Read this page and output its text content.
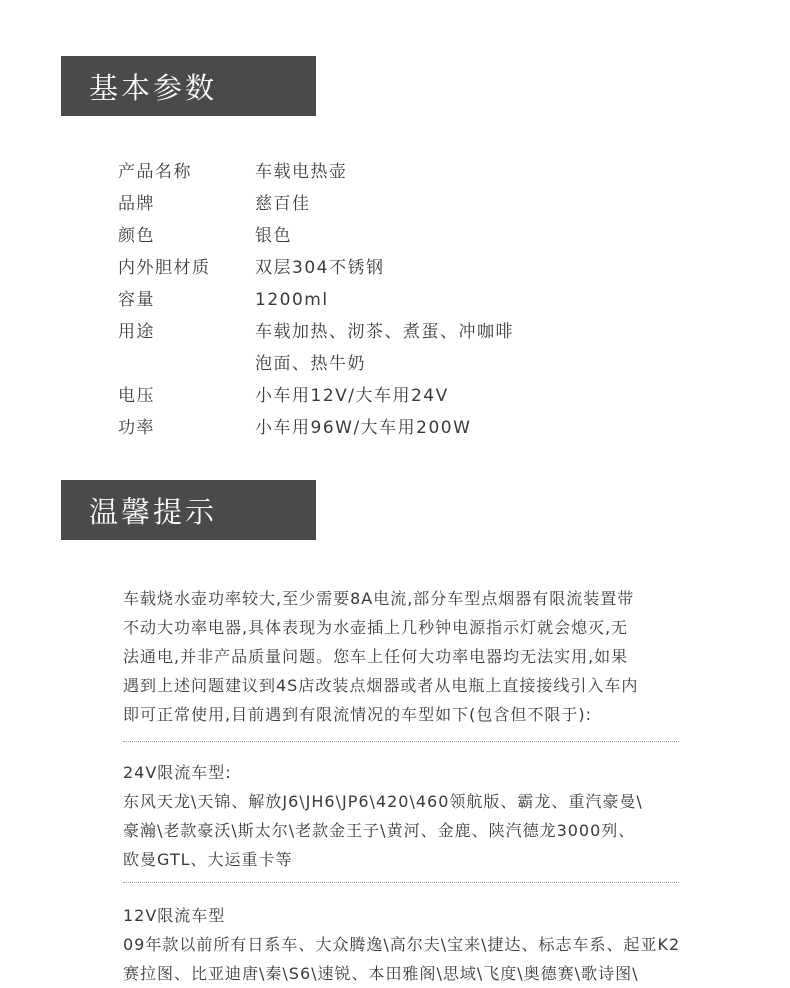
基本参数
产品名称	车载电热壶
品牌	慈百佳
颜色	银色
内外胆材质	双层304不锈钢
容量	1200ml
用途	车载加热、沏茶、煮蛋、冲咖啡
泡面、热牛奶
电压	小车用12V/大车用24V
功率	小车用96W/大车用200W
温馨提示
车载烧水壶功率较大,至少需要8A电流,部分车型点烟器有限流装置带
不动大功率电器,具体表现为水壶插上几秒钟电源指示灯就会熄灭,无
法通电,并非产品质量问题。您车上任何大功率电器均无法实用,如果
遇到上述问题建议到4S店改装点烟器或者从电瓶上直接接线引入车内
即可正常使用,目前遇到有限流情况的车型如下(包含但不限于):
24V限流车型:
东风天龙\天锦、解放J6\JH6\JP6\420\460领航版、霸龙、重汽豪曼\
豪瀚\老款豪沃\斯太尔\老款金王子\黄河、金鹿、陕汽德龙3000列、
欧曼GTL、大运重卡等
12V限流车型
09年款以前所有日系车、大众腾逸\高尔夫\宝来\捷达、标志车系、起亚K2
赛拉图、比亚迪唐\秦\S6\速锐、本田雅阁\思域\飞度\奥德赛\歌诗图\
